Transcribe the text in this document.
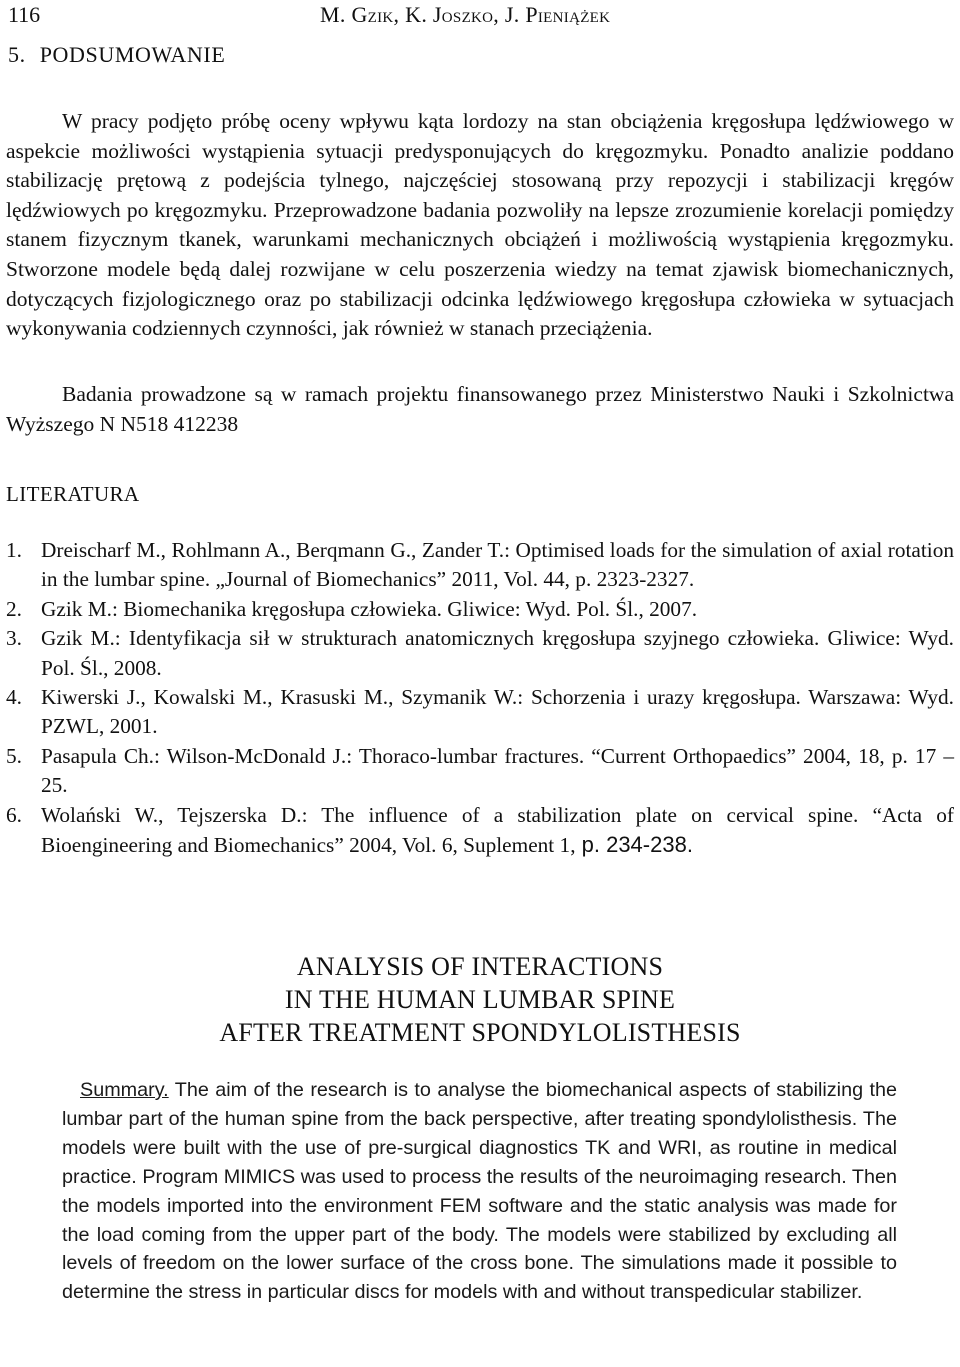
116	M. Gzik, K. Joszko, J. Pieniążek
5. PODSUMOWANIE

W pracy podjęto próbę oceny wpływu kąta lordozy na stan obciążenia kręgosłupa lędźwiowego w aspekcie możliwości wystąpienia sytuacji predysponujących do kręgozmyku. Ponadto analizie poddano stabilizację prętową z podejścia tylnego, najczęściej stosowaną przy repozycji i stabilizacji kręgów lędźwiowych po kręgozmyku. Przeprowadzone badania pozwoliły na lepsze zrozumienie korelacji pomiędzy stanem fizycznym tkanek, warunkami mechanicznych obciążeń i możliwością wystąpienia kręgozmyku. Stworzone modele będą dalej rozwijane w celu poszerzenia wiedzy na temat zjawisk biomechanicznych, dotyczących fizjologicznego oraz po stabilizacji odcinka lędźwiowego kręgosłupa człowieka w sytuacjach wykonywania codziennych czynności, jak również w stanach przeciążenia.

Badania prowadzone są w ramach projektu finansowanego przez Ministerstwo Nauki i Szkolnictwa Wyższego N N518 412238

LITERATURA
1. Dreischarf M., Rohlmann A., Berqmann G., Zander T.: Optimised loads for the simulation of axial rotation in the lumbar spine. „Journal of Biomechanics” 2011, Vol. 44, p. 2323-2327.
2. Gzik M.: Biomechanika kręgosłupa człowieka. Gliwice: Wyd. Pol. Śl., 2007.
3. Gzik M.: Identyfikacja sił w strukturach anatomicznych kręgosłupa szyjnego człowieka. Gliwice: Wyd. Pol. Śl., 2008.
4. Kiwerski J., Kowalski M., Krasuski M., Szymanik W.: Schorzenia i urazy kręgosłupa. Warszawa: Wyd. PZWL, 2001.
5. Pasapula Ch.: Wilson-McDonald J.: Thoraco-lumbar fractures. “Current Orthopaedics” 2004, 18, p. 17 – 25.
6. Wolański W., Tejszerska D.: The influence of a stabilization plate on cervical spine. “Acta of Bioengineering and Biomechanics” 2004, Vol. 6, Suplement 1, p. 234-238.
ANALYSIS OF INTERACTIONS
IN THE HUMAN LUMBAR SPINE
AFTER TREATMENT SPONDYLOLISTHESIS

Summary. The aim of the research is to analyse the biomechanical aspects of stabilizing the lumbar part of the human spine from the back perspective, after treating spondylolisthesis. The models were built with the use of pre-surgical diagnostics TK and WRI, as routine in medical practice. Program MIMICS was used to process the results of the neuroimaging research. Then the models imported into the environment FEM software and the static analysis was made for the load coming from the upper part of the body. The models were stabilized by excluding all levels of freedom on the lower surface of the cross bone. The simulations made it possible to determine the stress in particular discs for models with and without transpedicular stabilizer.
